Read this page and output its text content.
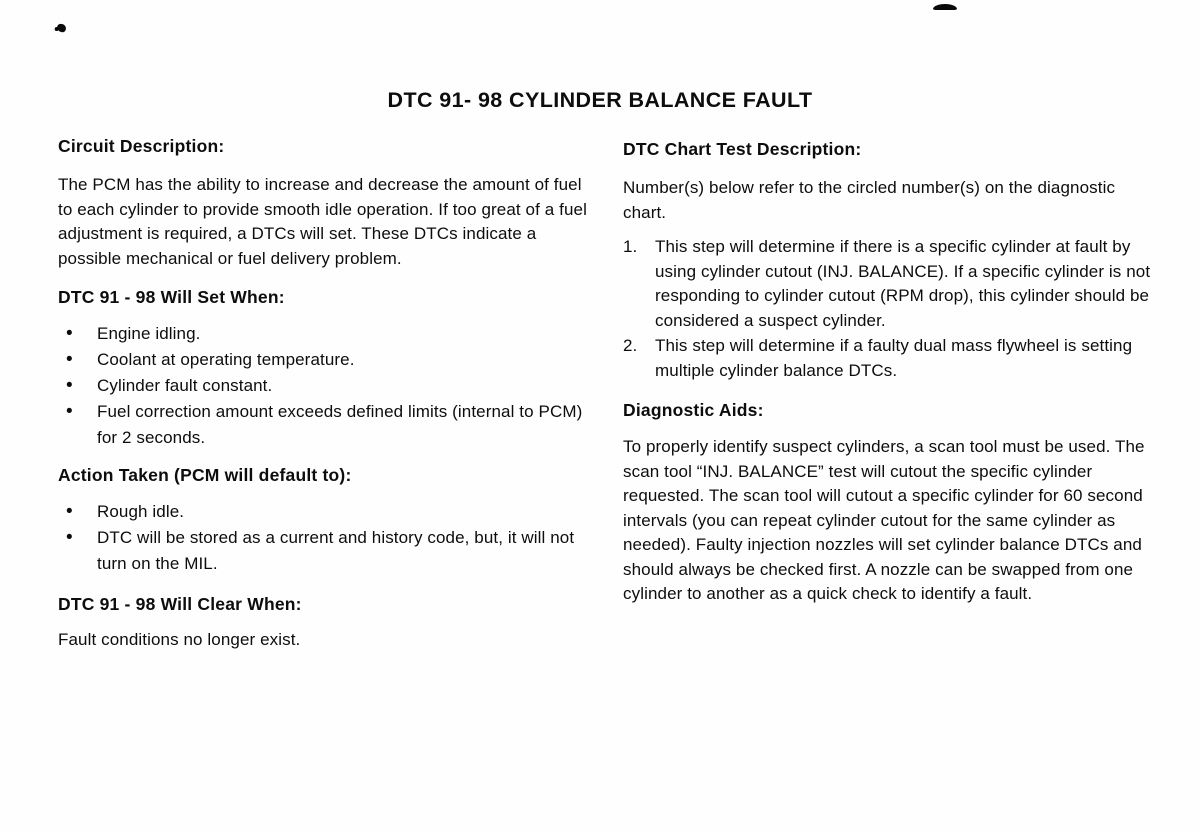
DTC 91- 98 CYLINDER BALANCE FAULT
Circuit Description:

The PCM has the ability to increase and decrease the amount of fuel to each cylinder to provide smooth idle operation. If too great of a fuel adjustment is required, a DTCs will set. These DTCs indicate a possible mechanical or fuel delivery problem.

DTC 91 - 98 Will Set When:
• Engine idling.
• Coolant at operating temperature.
• Cylinder fault constant.
• Fuel correction amount exceeds defined limits (internal to PCM) for 2 seconds.
Action Taken (PCM will default to):
• Rough idle.
• DTC will be stored as a current and history code, but, it will not turn on the MIL.
DTC 91 - 98 Will Clear When:

Fault conditions no longer exist.

DTC Chart Test Description:

Number(s) below refer to the circled number(s) on the diagnostic chart.

1. This step will determine if there is a specific cylinder at fault by using cylinder cutout (INJ. BALANCE). If a specific cylinder is not responding to cylinder cutout (RPM drop), this cylinder should be considered a suspect cylinder.
2. This step will determine if a faulty dual mass flywheel is setting multiple cylinder balance DTCs.
Diagnostic Aids:

To properly identify suspect cylinders, a scan tool must be used. The scan tool “INJ. BALANCE” test will cutout the specific cylinder requested. The scan tool will cutout a specific cylinder for 60 second intervals (you can repeat cylinder cutout for the same cylinder as needed). Faulty injection nozzles will set cylinder balance DTCs and should always be checked first. A nozzle can be swapped from one cylinder to another as a quick check to identify a fault.
